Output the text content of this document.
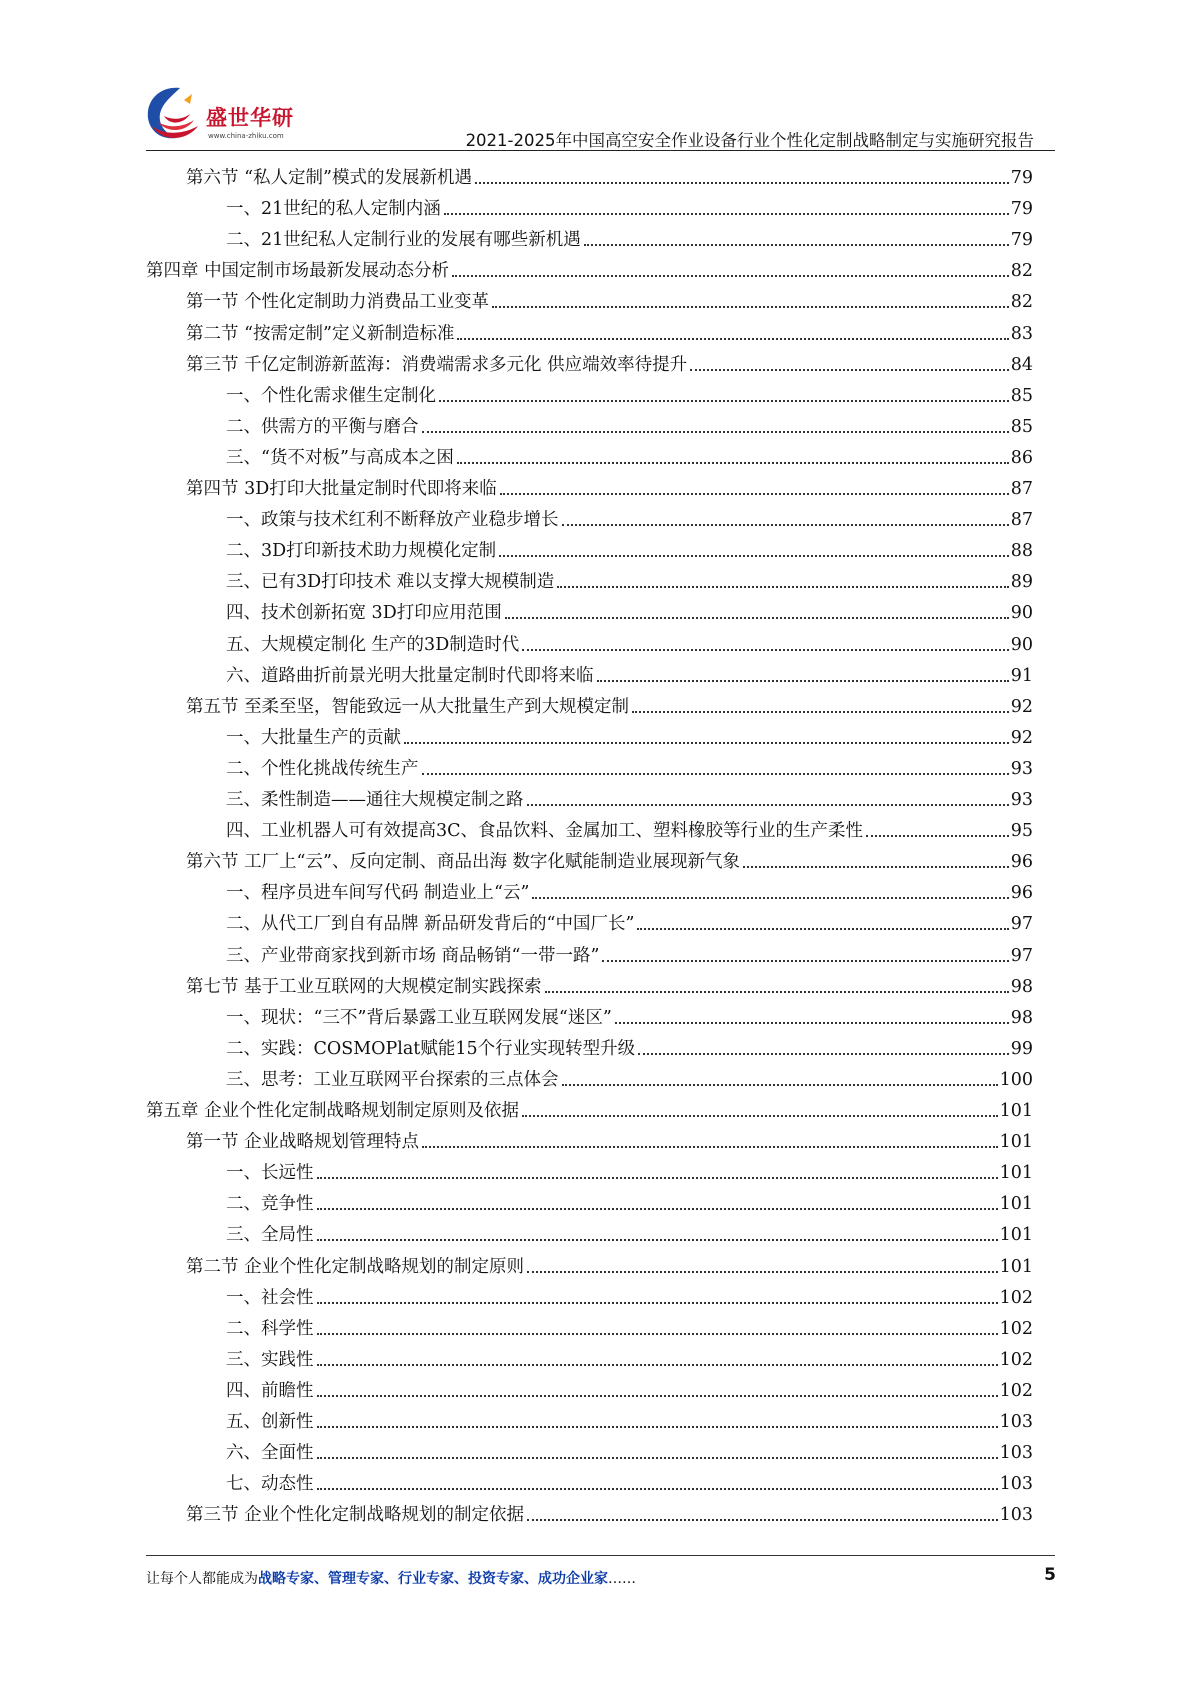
盛世华研
www.china-zhiku.com	2021-2025年中国高空安全作业设备行业个性化定制战略制定与实施研究报告
第六节 “私人定制”模式的发展新机遇	79
一、21世纪的私人定制内涵	79
二、21世纪私人定制行业的发展有哪些新机遇	79
第四章 中国定制市场最新发展动态分析	82
第一节 个性化定制助力消费品工业变革	82
第二节 “按需定制”定义新制造标准	83
第三节 千亿定制游新蓝海：消费端需求多元化 供应端效率待提升	84
一、个性化需求催生定制化	85
二、供需方的平衡与磨合	85
三、“货不对板”与高成本之困	86
第四节 3D打印大批量定制时代即将来临	87
一、政策与技术红利不断释放产业稳步增长	87
二、3D打印新技术助力规模化定制	88
三、已有3D打印技术 难以支撑大规模制造	89
四、技术创新拓宽 3D打印应用范围	90
五、大规模定制化 生产的3D制造时代	90
六、道路曲折前景光明大批量定制时代即将来临	91
第五节 至柔至坚，智能致远一从大批量生产到大规模定制	92
一、大批量生产的贡献	92
二、个性化挑战传统生产	93
三、柔性制造——通往大规模定制之路	93
四、工业机器人可有效提高3C、食品饮料、金属加工、塑料橡胶等行业的生产柔性	95
第六节 工厂上“云”、反向定制、商品出海 数字化赋能制造业展现新气象	96
一、程序员进车间写代码 制造业上“云”	96
二、从代工厂到自有品牌 新品研发背后的“中国厂长”	97
三、产业带商家找到新市场 商品畅销“一带一路”	97
第七节 基于工业互联网的大规模定制实践探索	98
一、现状：“三不”背后暴露工业互联网发展“迷区”	98
二、实践：COSMOPlat赋能15个行业实现转型升级	99
三、思考：工业互联网平台探索的三点体会	100
第五章 企业个性化定制战略规划制定原则及依据	101
第一节 企业战略规划管理特点	101
一、长远性	101
二、竞争性	101
三、全局性	101
第二节 企业个性化定制战略规划的制定原则	101
一、社会性	102
二、科学性	102
三、实践性	102
四、前瞻性	102
五、创新性	103
六、全面性	103
七、动态性	103
第三节 企业个性化定制战略规划的制定依据	103
让每个人都能成为战略专家、管理专家、行业专家、投资专家、成功企业家……	5
